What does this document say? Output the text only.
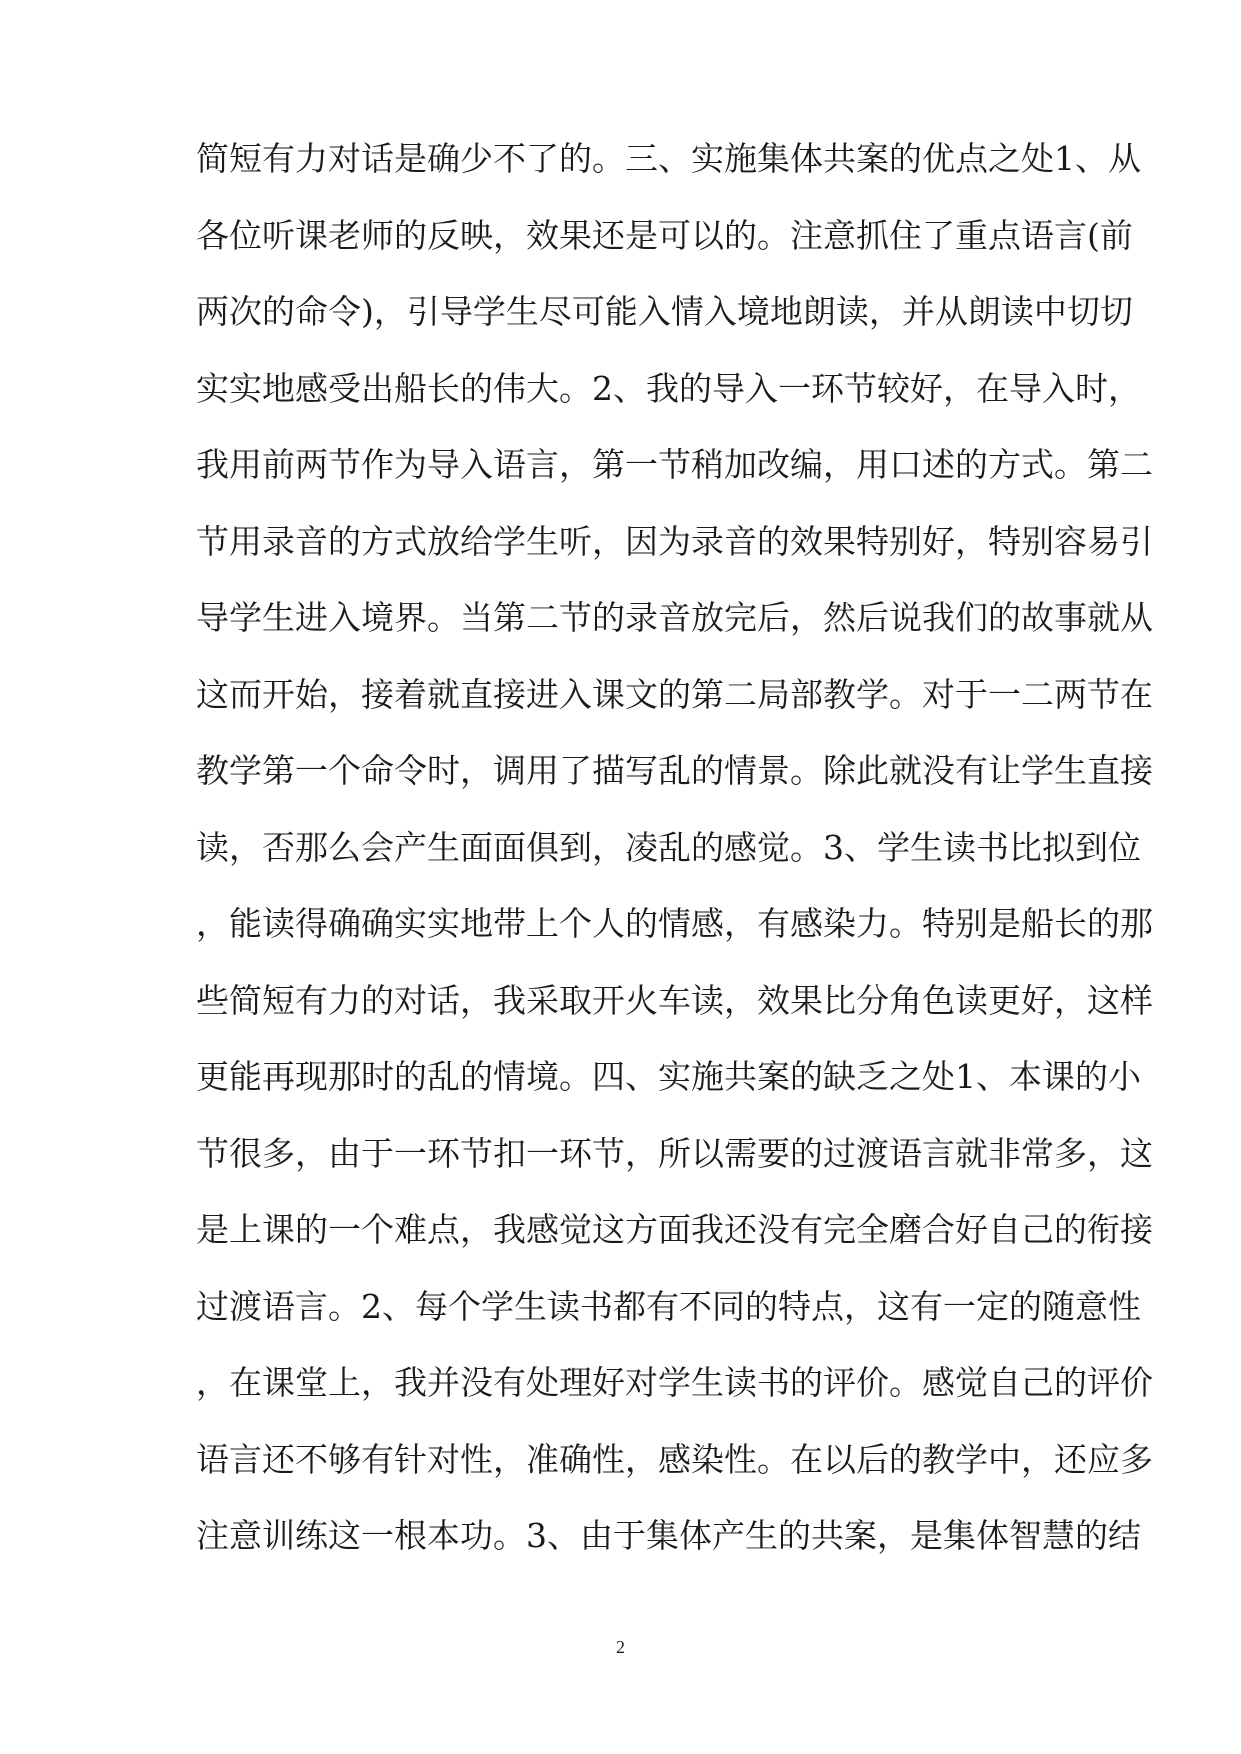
简短有力对话是确少不了的。三、实施集体共案的优点之处1、从
各位听课老师的反映，效果还是可以的。注意抓住了重点语言(前
两次的命令)，引导学生尽可能入情入境地朗读，并从朗读中切切
实实地感受出船长的伟大。2、我的导入一环节较好，在导入时，
我用前两节作为导入语言，第一节稍加改编，用口述的方式。第二
节用录音的方式放给学生听，因为录音的效果特别好，特别容易引
导学生进入境界。当第二节的录音放完后，然后说我们的故事就从
这而开始，接着就直接进入课文的第二局部教学。对于一二两节在
教学第一个命令时，调用了描写乱的情景。除此就没有让学生直接
读，否那么会产生面面俱到，凌乱的感觉。3、学生读书比拟到位
，能读得确确实实地带上个人的情感，有感染力。特别是船长的那
些简短有力的对话，我采取开火车读，效果比分角色读更好，这样
更能再现那时的乱的情境。四、实施共案的缺乏之处1、本课的小
节很多，由于一环节扣一环节，所以需要的过渡语言就非常多，这
是上课的一个难点，我感觉这方面我还没有完全磨合好自己的衔接
过渡语言。2、每个学生读书都有不同的特点，这有一定的随意性
，在课堂上，我并没有处理好对学生读书的评价。感觉自己的评价
语言还不够有针对性，准确性，感染性。在以后的教学中，还应多
注意训练这一根本功。3、由于集体产生的共案，是集体智慧的结
2
